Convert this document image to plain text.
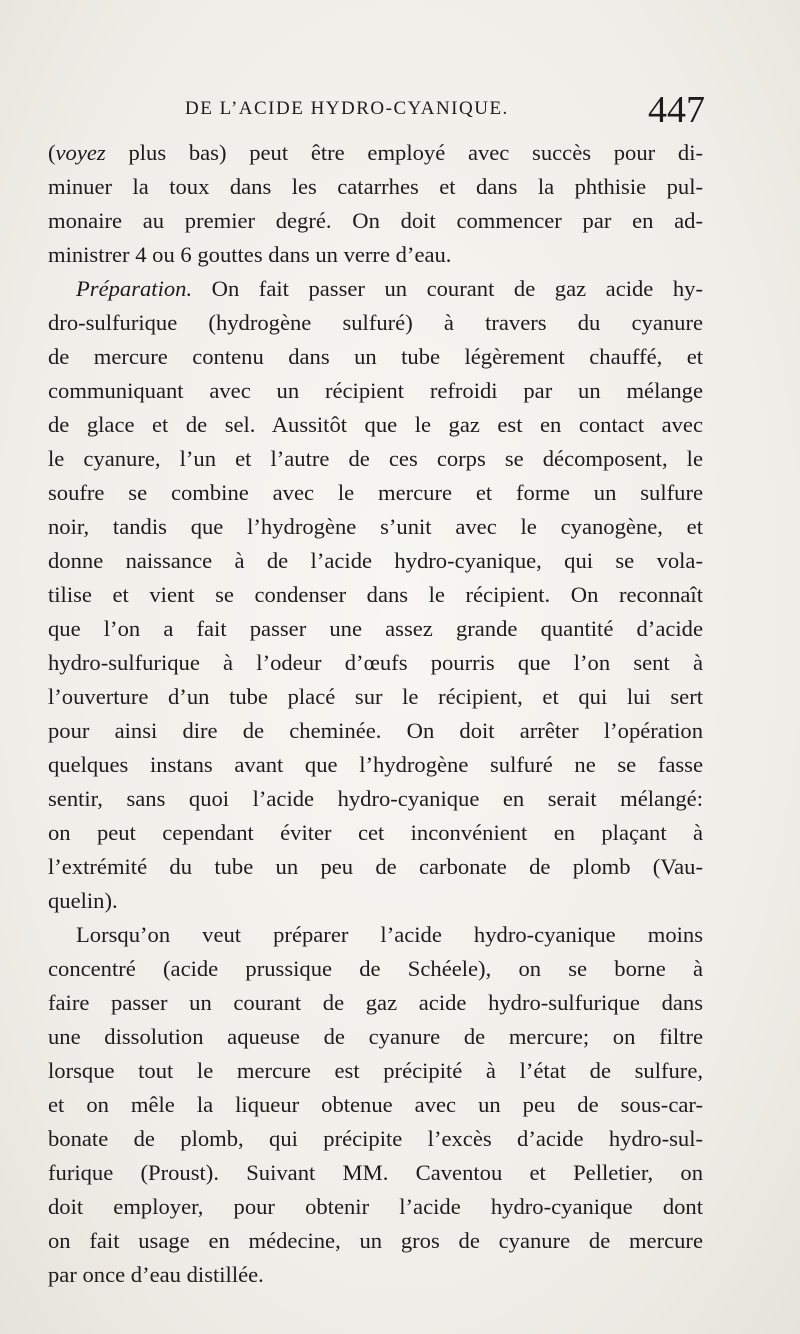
DE L’ACIDE HYDRO-CYANIQUE.	447
(voyez plus bas) peut être employé avec succès pour di-
minuer la toux dans les catarrhes et dans la phthisie pul-
monaire au premier degré. On doit commencer par en ad-
ministrer 4 ou 6 gouttes dans un verre d’eau.
Préparation. On fait passer un courant de gaz acide hy-
dro-sulfurique (hydrogène sulfuré) à travers du cyanure
de mercure contenu dans un tube légèrement chauffé, et
communiquant avec un récipient refroidi par un mélange
de glace et de sel. Aussitôt que le gaz est en contact avec
le cyanure, l’un et l’autre de ces corps se décomposent, le
soufre se combine avec le mercure et forme un sulfure
noir, tandis que l’hydrogène s’unit avec le cyanogène, et
donne naissance à de l’acide hydro-cyanique, qui se vola-
tilise et vient se condenser dans le récipient. On reconnaît
que l’on a fait passer une assez grande quantité d’acide
hydro-sulfurique à l’odeur d’œufs pourris que l’on sent à
l’ouverture d’un tube placé sur le récipient, et qui lui sert
pour ainsi dire de cheminée. On doit arrêter l’opération
quelques instans avant que l’hydrogène sulfuré ne se fasse
sentir, sans quoi l’acide hydro-cyanique en serait mélangé:
on peut cependant éviter cet inconvénient en plaçant à
l’extrémité du tube un peu de carbonate de plomb (Vau-
quelin).
Lorsqu’on veut préparer l’acide hydro-cyanique moins
concentré (acide prussique de Schéele), on se borne à
faire passer un courant de gaz acide hydro-sulfurique dans
une dissolution aqueuse de cyanure de mercure; on filtre
lorsque tout le mercure est précipité à l’état de sulfure,
et on mêle la liqueur obtenue avec un peu de sous-car-
bonate de plomb, qui précipite l’excès d’acide hydro-sul-
furique (Proust). Suivant MM. Caventou et Pelletier, on
doit employer, pour obtenir l’acide hydro-cyanique dont
on fait usage en médecine, un gros de cyanure de mercure
par once d’eau distillée.
